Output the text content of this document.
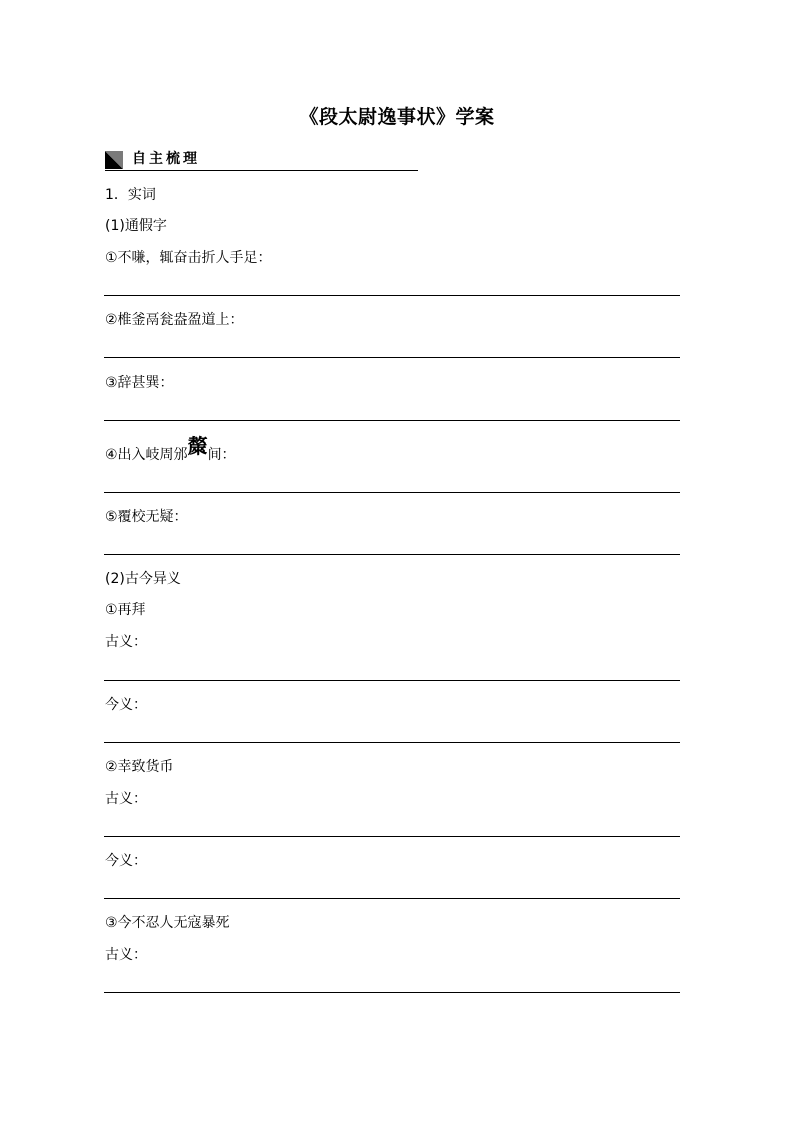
《段太尉逸事状》学案
自主梳理
1．实词
(1)通假字
①不嗛，辄奋击折人手足：
②椎釜鬲瓮盎盈道上：
③辞甚巽：
④出入岐周邠斄间：
⑤覆校无疑：
(2)古今异义
①再拜
古义：
今义：
②幸致货币
古义：
今义：
③今不忍人无寇暴死
古义：
